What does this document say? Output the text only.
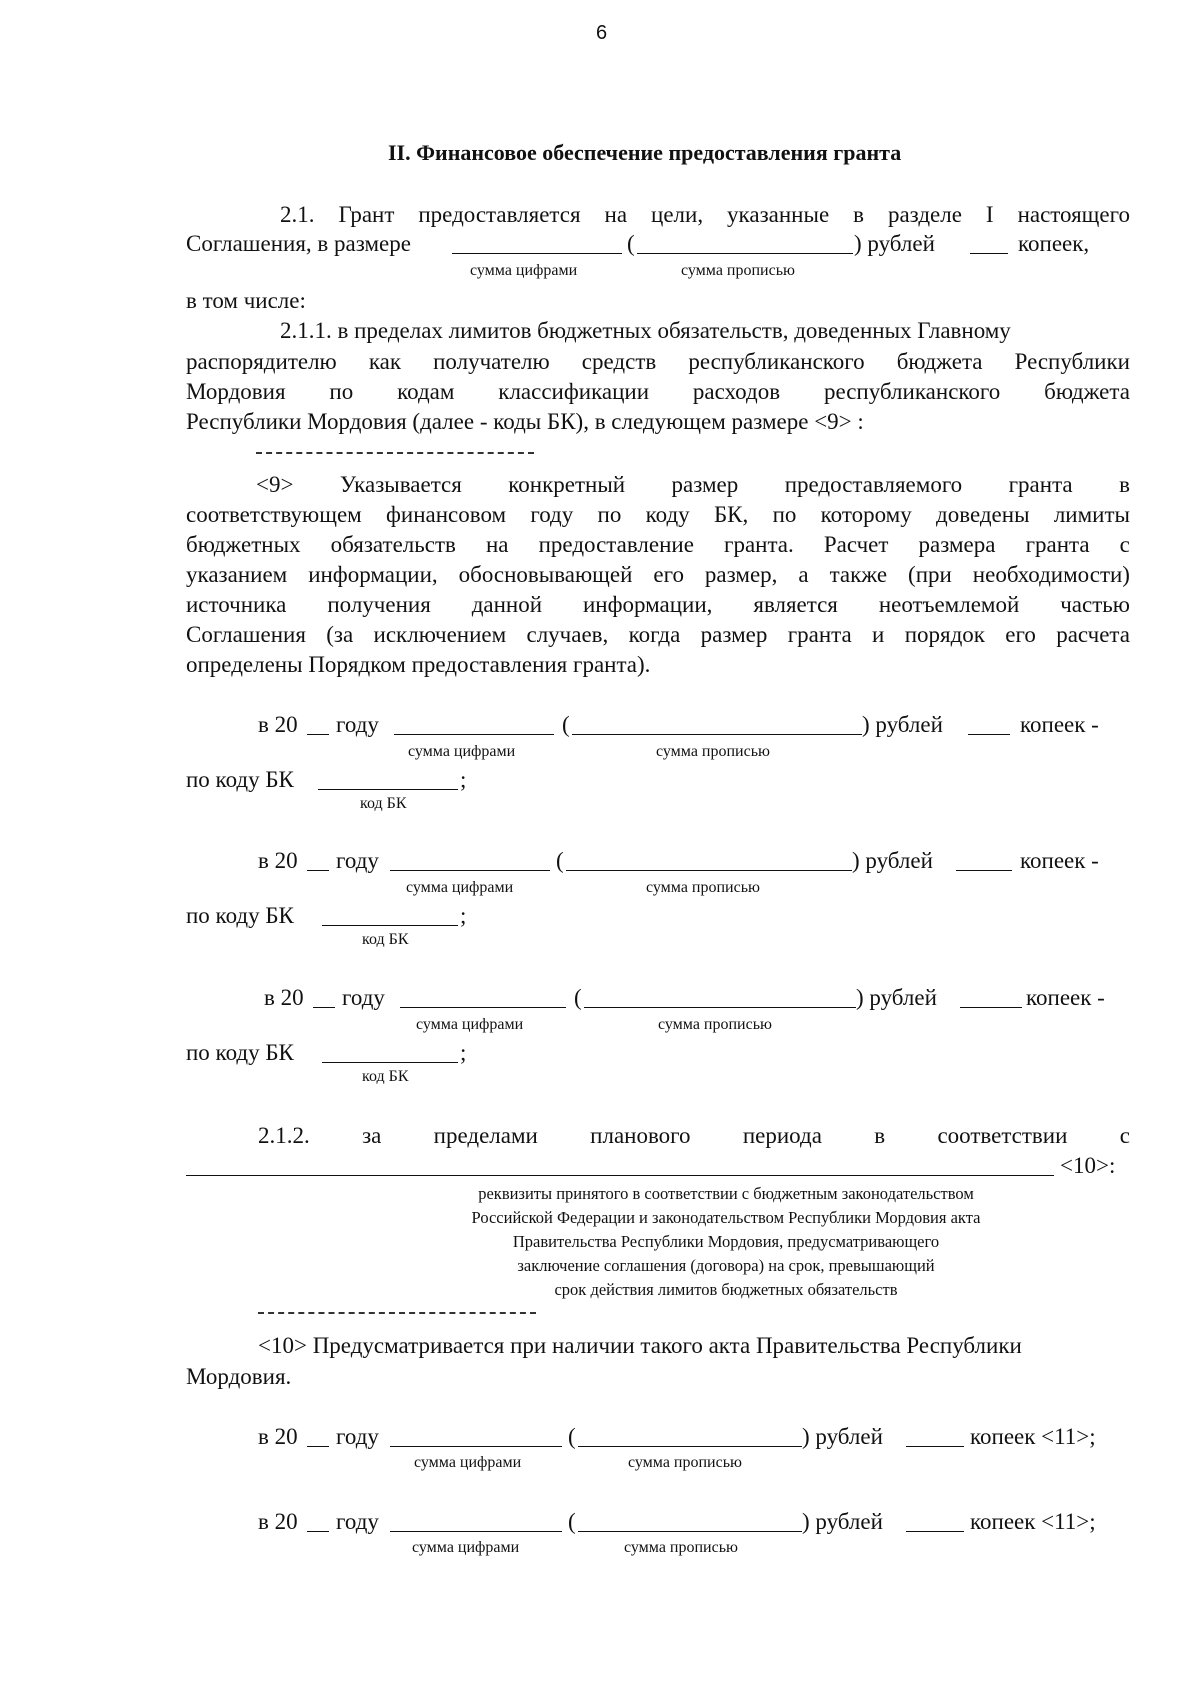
6
II. Финансовое обеспечение предоставления гранта
2.1. Грант предоставляется на цели, указанные в разделе I настоящего
Соглашения, в размере	(	) рублей	копеек,
сумма цифрами	сумма прописью
в том числе:
2.1.1. в пределах лимитов бюджетных обязательств, доведенных Главному
распорядителю как получателю средств республиканского бюджета Республики
Мордовия по кодам классификации расходов республиканского бюджета
Республики Мордовия (далее - коды БК), в следующем размере <9> :
<9> Указывается конкретный размер предоставляемого гранта в
соответствующем финансовом году по коду БК, по которому доведены лимиты
бюджетных обязательств на предоставление гранта. Расчет размера гранта с
указанием информации, обосновывающей его размер, а также (при необходимости)
источника получения данной информации, является неотъемлемой частью
Соглашения (за исключением случаев, когда размер гранта и порядок его расчета
определены Порядком предоставления гранта).
в 20 году	(	) рублей	копеек -
сумма цифрами	сумма прописью
по коду БК	;
код БК
в 20 году	(	) рублей	копеек -
сумма цифрами	сумма прописью
по коду БК	;
код БК
в 20 году	(	) рублей	копеек -
сумма цифрами	сумма прописью
по коду БК	;
код БК
2.1.2. за пределами планового периода в соответствии с
<10>:
реквизиты принятого в соответствии с бюджетным законодательством
Российской Федерации и законодательством Республики Мордовия акта
Правительства Республики Мордовия, предусматривающего
заключение соглашения (договора) на срок, превышающий
срок действия лимитов бюджетных обязательств
<10> Предусматривается при наличии такого акта Правительства Республики
Мордовия.
в 20 году	(	) рублей	копеек <11>;
сумма цифрами	сумма прописью
в 20 году	(	) рублей	копеек <11>;
сумма цифрами	сумма прописью
